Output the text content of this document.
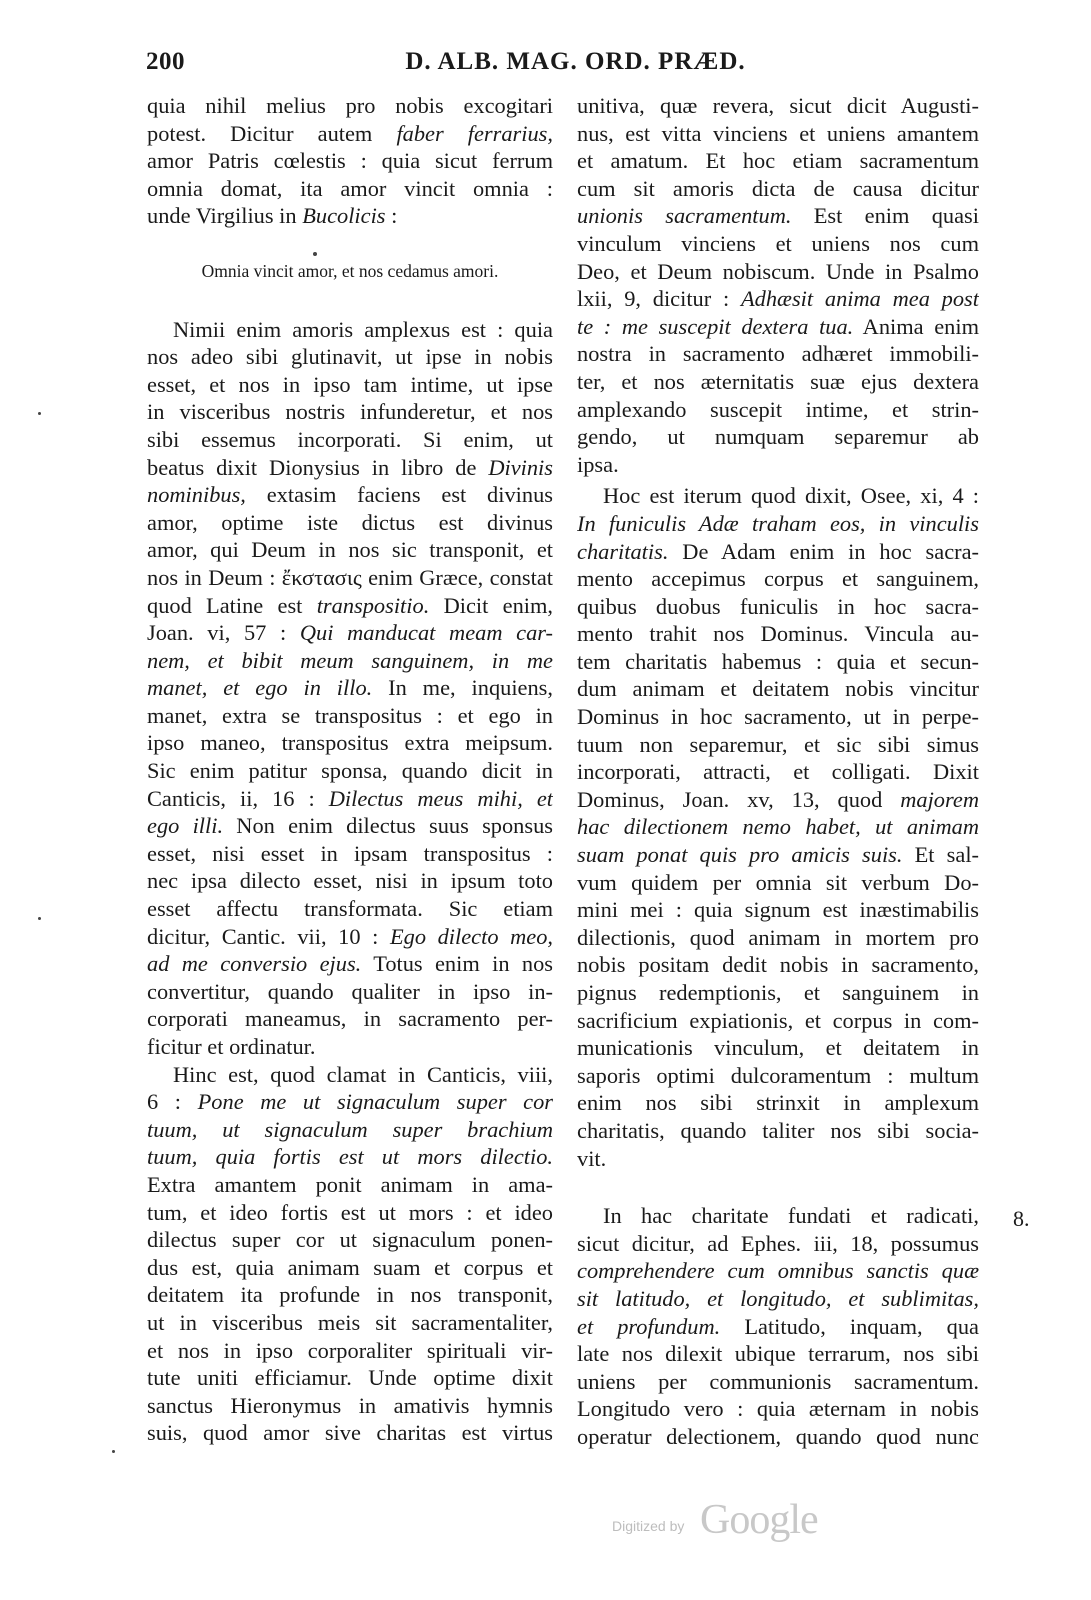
200	D. ALB. MAG. ORD. PRÆD.
quia nihil melius pro nobis excogitari
potest. Dicitur autem faber ferrarius,
amor Patris cœlestis : quia sicut ferrum
omnia domat, ita amor vincit omnia :
unde Virgilius in Bucolicis :
Omnia vincit amor, et nos cedamus amori.
Nimii enim amoris amplexus est : quia
nos adeo sibi glutinavit, ut ipse in nobis
esset, et nos in ipso tam intime, ut ipse
in visceribus nostris infunderetur, et nos
sibi essemus incorporati. Si enim, ut
beatus dixit Dionysius in libro de Divinis
nominibus, extasim faciens est divinus
amor, optime iste dictus est divinus
amor, qui Deum in nos sic transponit, et
nos in Deum : ἔκστασις enim Græce, constat
quod Latine est transpositio. Dicit enim,
Joan. vi, 57 : Qui manducat meam car-
nem, et bibit meum sanguinem, in me
manet, et ego in illo. In me, inquiens,
manet, extra se transpositus : et ego in
ipso maneo, transpositus extra meipsum.
Sic enim patitur sponsa, quando dicit in
Canticis, ii, 16 : Dilectus meus mihi, et
ego illi. Non enim dilectus suus sponsus
esset, nisi esset in ipsam transpositus :
nec ipsa dilecto esset, nisi in ipsum toto
esset affectu transformata. Sic etiam
dicitur, Cantic. vii, 10 : Ego dilecto meo,
ad me conversio ejus. Totus enim in nos
convertitur, quando qualiter in ipso in-
corporati maneamus, in sacramento per-
ficitur et ordinatur.
Hinc est, quod clamat in Canticis, viii,
6 : Pone me ut signaculum super cor
tuum, ut signaculum super brachium
tuum, quia fortis est ut mors dilectio.
Extra amantem ponit animam in ama-
tum, et ideo fortis est ut mors : et ideo
dilectus super cor ut signaculum ponen-
dus est, quia animam suam et corpus et
deitatem ita profunde in nos transponit,
ut in visceribus meis sit sacramentaliter,
et nos in ipso corporaliter spirituali vir-
tute uniti efficiamur. Unde optime dixit
sanctus Hieronymus in amativis hymnis
suis, quod amor sive charitas est virtus
unitiva, quæ revera, sicut dicit Augusti-
nus, est vitta vinciens et uniens amantem
et amatum. Et hoc etiam sacramentum
cum sit amoris dicta de causa dicitur
unionis sacramentum. Est enim quasi
vinculum vinciens et uniens nos cum
Deo, et Deum nobiscum. Unde in Psalmo
lxii, 9, dicitur : Adhæsit anima mea post
te : me suscepit dextera tua. Anima enim
nostra in sacramento adhæret immobili-
ter, et nos æternitatis suæ ejus dextera
amplexando suscepit intime, et strin-
gendo, ut numquam separemur ab
ipsa.
Hoc est iterum quod dixit, Osee, xi, 4 :
In funiculis Adæ traham eos, in vinculis
charitatis. De Adam enim in hoc sacra-
mento accepimus corpus et sanguinem,
quibus duobus funiculis in hoc sacra-
mento trahit nos Dominus. Vincula au-
tem charitatis habemus : quia et secun-
dum animam et deitatem nobis vincitur
Dominus in hoc sacramento, ut in perpe-
tuum non separemur, et sic sibi simus
incorporati, attracti, et colligati. Dixit
Dominus, Joan. xv, 13, quod majorem
hac dilectionem nemo habet, ut animam
suam ponat quis pro amicis suis. Et sal-
vum quidem per omnia sit verbum Do-
mini mei : quia signum est inæstimabilis
dilectionis, quod animam in mortem pro
nobis positam dedit nobis in sacramento,
pignus redemptionis, et sanguinem in
sacrificium expiationis, et corpus in com-
municationis vinculum, et deitatem in
saporis optimi dulcoramentum : multum
enim nos sibi strinxit in amplexum
charitatis, quando taliter nos sibi socia-
vit.
In hac charitate fundati et radicati,
sicut dicitur, ad Ephes. iii, 18, possumus
comprehendere cum omnibus sanctis quæ
sit latitudo, et longitudo, et sublimitas,
et profundum. Latitudo, inquam, qua
late nos dilexit ubique terrarum, nos sibi
uniens per communionis sacramentum.
Longitudo vero : quia æternam in nobis
operatur delectionem, quando quod nunc
8.
Digitized by Google
